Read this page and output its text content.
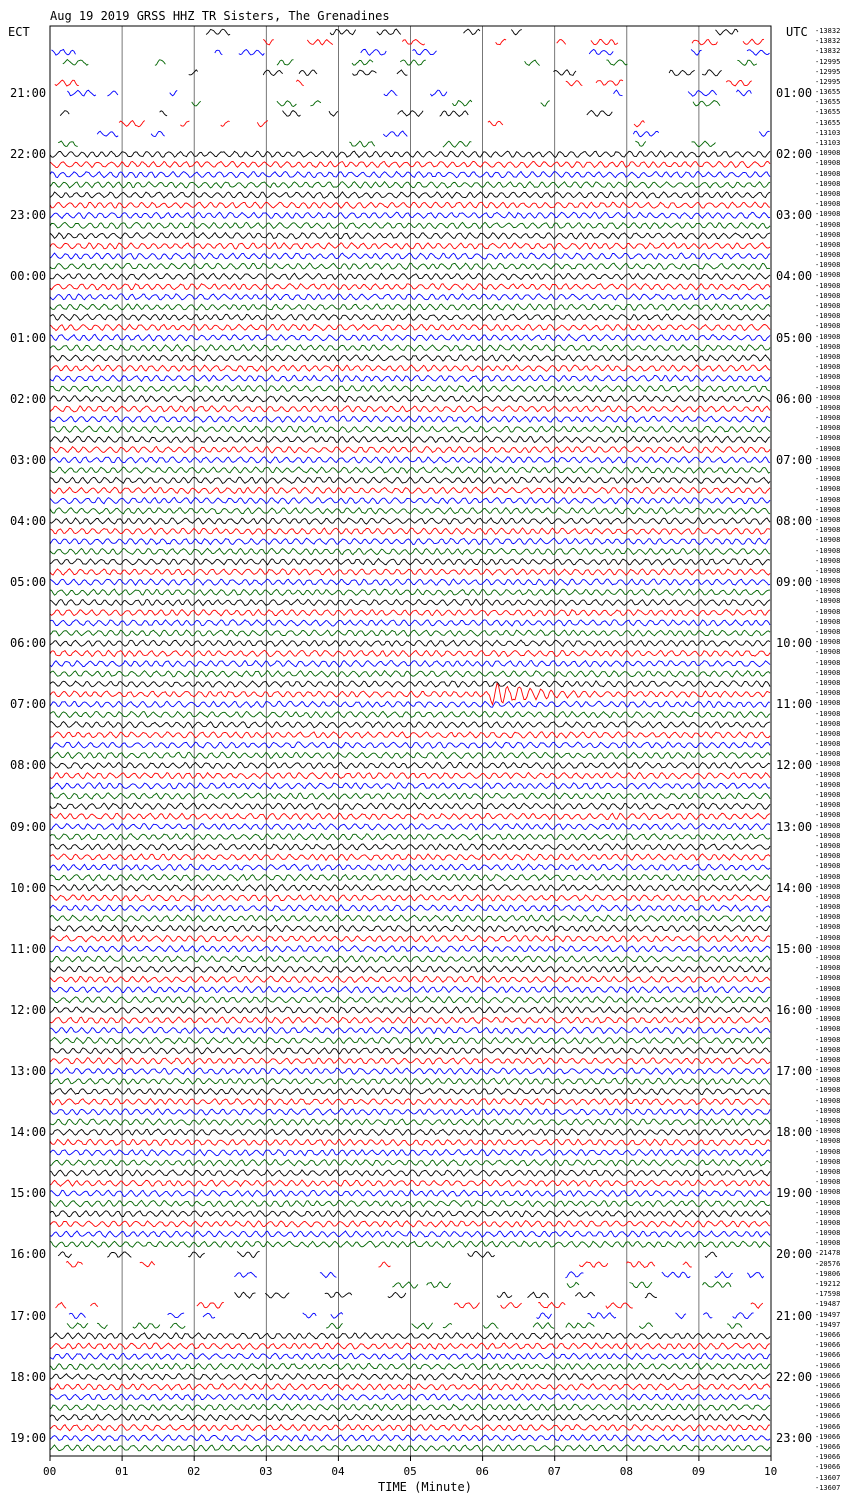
Aug 19 2019 GRSS HHZ TR Sisters, The Grenadines
ECT	UTC
00	01	02	03	04	05	06	07	08	09	10
21:00
22:00
23:00
00:00
01:00
02:00
03:00
04:00
05:00
06:00
07:00
08:00
09:00
10:00
11:00
12:00
13:00
14:00
15:00
16:00
17:00
18:00
19:00
01:00
02:00
03:00
04:00
05:00
06:00
07:00
08:00
09:00
10:00
11:00
12:00
13:00
14:00
15:00
16:00
17:00
18:00
19:00
20:00
21:00
22:00
23:00
-13832
-13832
-13832
-12995
-12995
-12995
-13655
-13655
-13655
-13655
-13103
-13103
-10908
-10908
-10908
-10908
-10908
-10908
-10908
-10908
-10908
-10908
-10908
-10908
-10908
-10908
-10908
-10908
-10908
-10908
-10908
-10908
-10908
-10908
-10908
-10908
-10908
-10908
-10908
-10908
-10908
-10908
-10908
-10908
-10908
-10908
-10908
-10908
-10908
-10908
-10908
-10908
-10908
-10908
-10908
-10908
-10908
-10908
-10908
-10908
-10908
-10908
-10908
-10908
-10908
-10908
-10908
-10908
-10908
-10908
-10908
-10908
-10908
-10908
-10908
-10908
-10908
-10908
-10908
-10908
-10908
-10908
-10908
-10908
-10908
-10908
-10908
-10908
-10908
-10908
-10908
-10908
-10908
-10908
-10908
-10908
-10908
-10908
-10908
-10908
-10908
-10908
-10908
-10908
-10908
-10908
-10908
-10908
-10908
-10908
-10908
-10908
-10908
-10908
-10908
-10908
-10908
-10908
-10908
-10908
-21478
-20576
-19806
-19212
-17598
-19487
-19497
-19497
-19066
-19066
-19066
-19066
-19066
-19066
-19066
-19066
-19066
-19066
-19066
-19066
-19066
-19066
-13607
-13607
TIME (Minute)
